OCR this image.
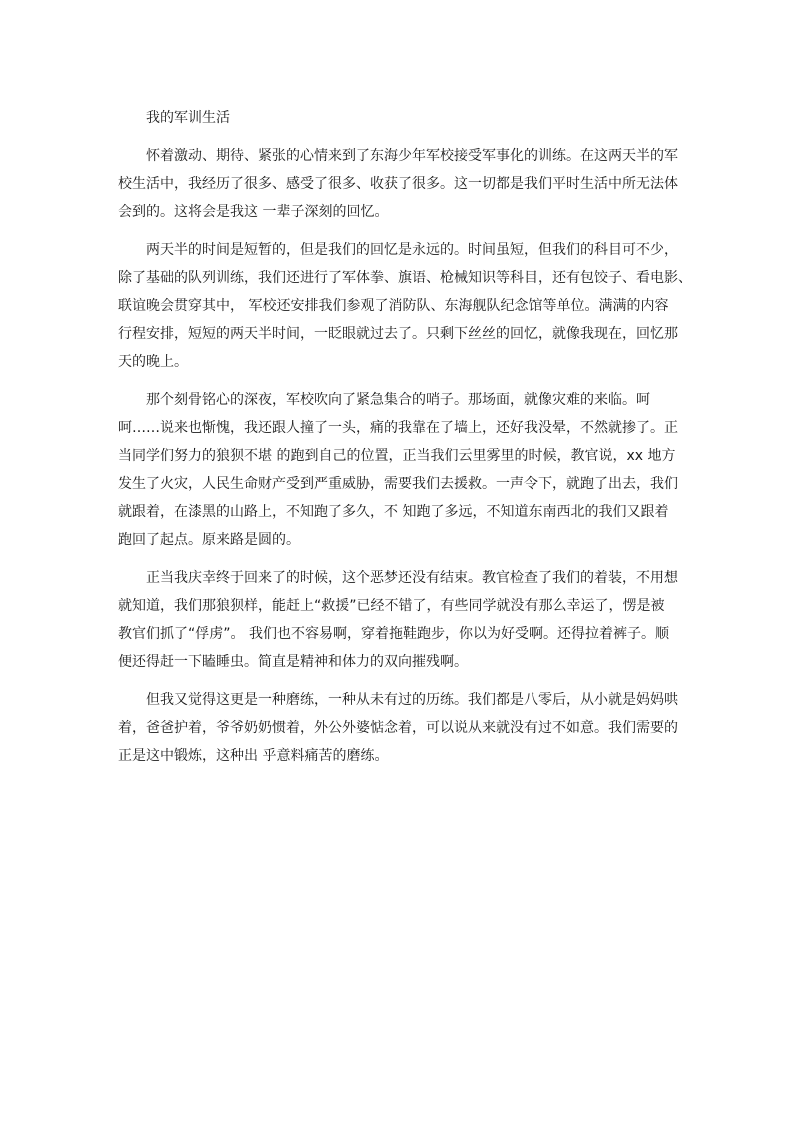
我的军训生活
怀着激动、期待、紧张的心情来到了东海少年军校接受军事化的训练。在这两天半的军
校生活中，我经历了很多、感受了很多、收获了很多。这一切都是我们平时生活中所无法体
会到的。这将会是我这 一辈子深刻的回忆。
两天半的时间是短暂的，但是我们的回忆是永远的。时间虽短，但我们的科目可不少，
除了基础的队列训练，我们还进行了军体拳、旗语、枪械知识等科目，还有包饺子、看电影、
联谊晚会贯穿其中， 军校还安排我们参观了消防队、东海舰队纪念馆等单位。满满的内容
行程安排，短短的两天半时间，一眨眼就过去了。只剩下丝丝的回忆，就像我现在，回忆那
天的晚上。
那个刻骨铭心的深夜，军校吹向了紧急集合的哨子。那场面，就像灾难的来临。呵
呵……说来也惭愧，我还跟人撞了一头，痛的我靠在了墙上，还好我没晕，不然就掺了。正
当同学们努力的狼狈不堪 的跑到自己的位置，正当我们云里雾里的时候，教官说，xx 地方
发生了火灾，人民生命财产受到严重威胁，需要我们去援救。一声令下，就跑了出去，我们
就跟着，在漆黑的山路上，不知跑了多久，不 知跑了多远，不知道东南西北的我们又跟着
跑回了起点。原来路是圆的。
正当我庆幸终于回来了的时候，这个恶梦还没有结束。教官检查了我们的着装，不用想
就知道，我们那狼狈样，能赶上“救援”已经不错了，有些同学就没有那么幸运了，愣是被
教官们抓了“俘虏”。 我们也不容易啊，穿着拖鞋跑步，你以为好受啊。还得拉着裤子。顺
便还得赶一下瞌睡虫。简直是精神和体力的双向摧残啊。
但我又觉得这更是一种磨练，一种从未有过的历练。我们都是八零后，从小就是妈妈哄
着，爸爸护着，爷爷奶奶惯着，外公外婆惦念着，可以说从来就没有过不如意。我们需要的
正是这中锻炼，这种出 乎意料痛苦的磨练。
